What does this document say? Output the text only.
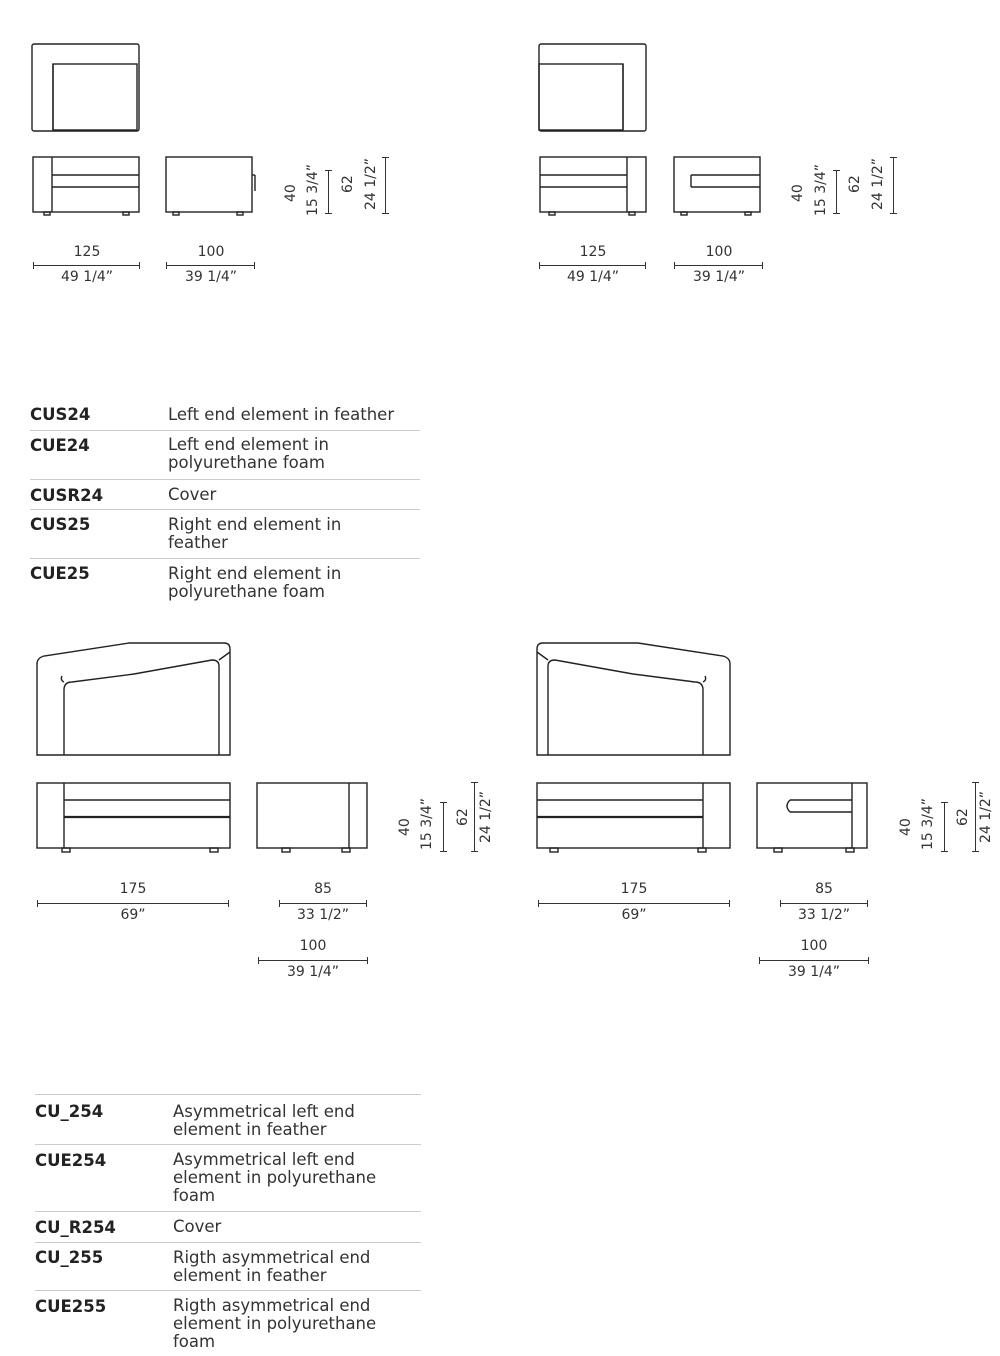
125
49 1/4”
100
39 1/4”
40 15 3/4” 62 24 1/2”
125
49 1/4”
100
39 1/4”
40 15 3/4” 62 24 1/2”
CUS24	Left end element in feather
CUE24	Left end element in polyurethane foam
CUSR24	Cover
CUS25	Right end element in feather
CUE25	Right end element in polyurethane foam
175
69”
85
33 1/2”
100
39 1/4”
40 15 3/4” 62 24 1/2”
175
69”
85
33 1/2”
100
39 1/4”
40 15 3/4” 62 24 1/2”
CU_254	Asymmetrical left end element in feather
CUE254	Asymmetrical left end element in polyurethane foam
CU_R254	Cover
CU_255	Rigth asymmetrical end element in feather
CUE255	Rigth asymmetrical end element in polyurethane foam
